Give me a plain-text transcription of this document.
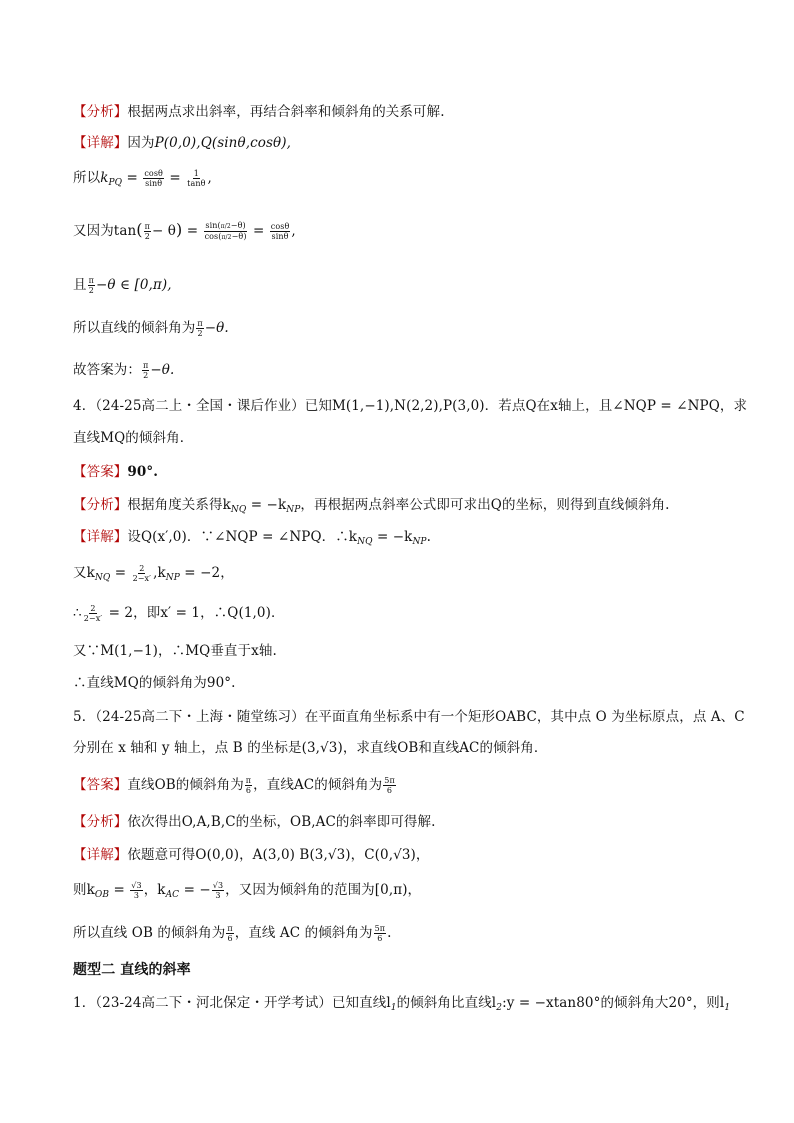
【分析】根据两点求出斜率，再结合斜率和倾斜角的关系可解.
【详解】因为P(0,0),Q(sinθ,cosθ),
所以$k_{PQ} = \frac{\cos\theta}{\sin\theta} = \frac{1}{\tan\theta}$ ,
又因为$\tan( \frac{\pi}{2} - \theta) = \frac{\sin(\pi/2-\theta)}{\cos(\pi/2-\theta)} = \frac{\cos\theta}{\sin\theta}$ ,
且 $\frac{\pi}{2} -\theta$ ∈ [0,π),
所以直线的倾斜角为 $\frac{\pi}{2} -\theta$.
故答案为： $\frac{\pi}{2} -\theta$.
4．（24-25高二上・全国・课后作业）已知M(1,−1),N(2,2),P(3,0)．若点Q在x轴上，且∠NQP = ∠NPQ，求
直线MQ的倾斜角．
【答案】90°.
【分析】根据角度关系得$k_{NQ} = -k_{NP}$，再根据两点斜率公式即可求出Q的坐标，则得到直线倾斜角.
【详解】设Q(x′,0)．∵∠NQP = ∠NPQ．$\therefore k_{NQ} = -k_{NP}$.
又$k_{NQ} = \frac{2}{2-x'} ,k_{NP} = -2$，
∴ $\frac{2}{2-x'} = 2$，即x′ = 1，∴Q(1,0)．
又∵M(1,−1)，∴MQ垂直于x轴.
∴直线MQ的倾斜角为90°.
5．（24-25高二下・上海・随堂练习）在平面直角坐标系中有一个矩形OABC，其中点 O 为坐标原点，点 A、C
分别在 x 轴和 y 轴上，点 B 的坐标是(3,√3)，求直线OB和直线AC的倾斜角．
【答案】直线OB的倾斜角为 $\frac{\pi}{6}$ ，直线AC的倾斜角为 $\frac{5\pi}{6}$
【分析】依次得出O,A,B,C的坐标，OB,AC的斜率即可得解.
【详解】依题意可得O(0,0)，A(3,0) B(3,√3)，C(0,√3)，
则$k_{OB} = \frac{√3}{3}$ ，$k_{AC}$ = − $\frac{√3}{3}$ ，又因为倾斜角的范围为[0,π)，
所以直线 OB 的倾斜角为 $\frac{\pi}{6}$ ，直线 AC 的倾斜角为 $\frac{5\pi}{6}$ .
题型二 直线的斜率
1．（23-24高二下・河北保定・开学考试）已知直线$l_1$的倾斜角比直线$l_2:y = -xtan80^\circ$的倾斜角大20°，则$l_1$
